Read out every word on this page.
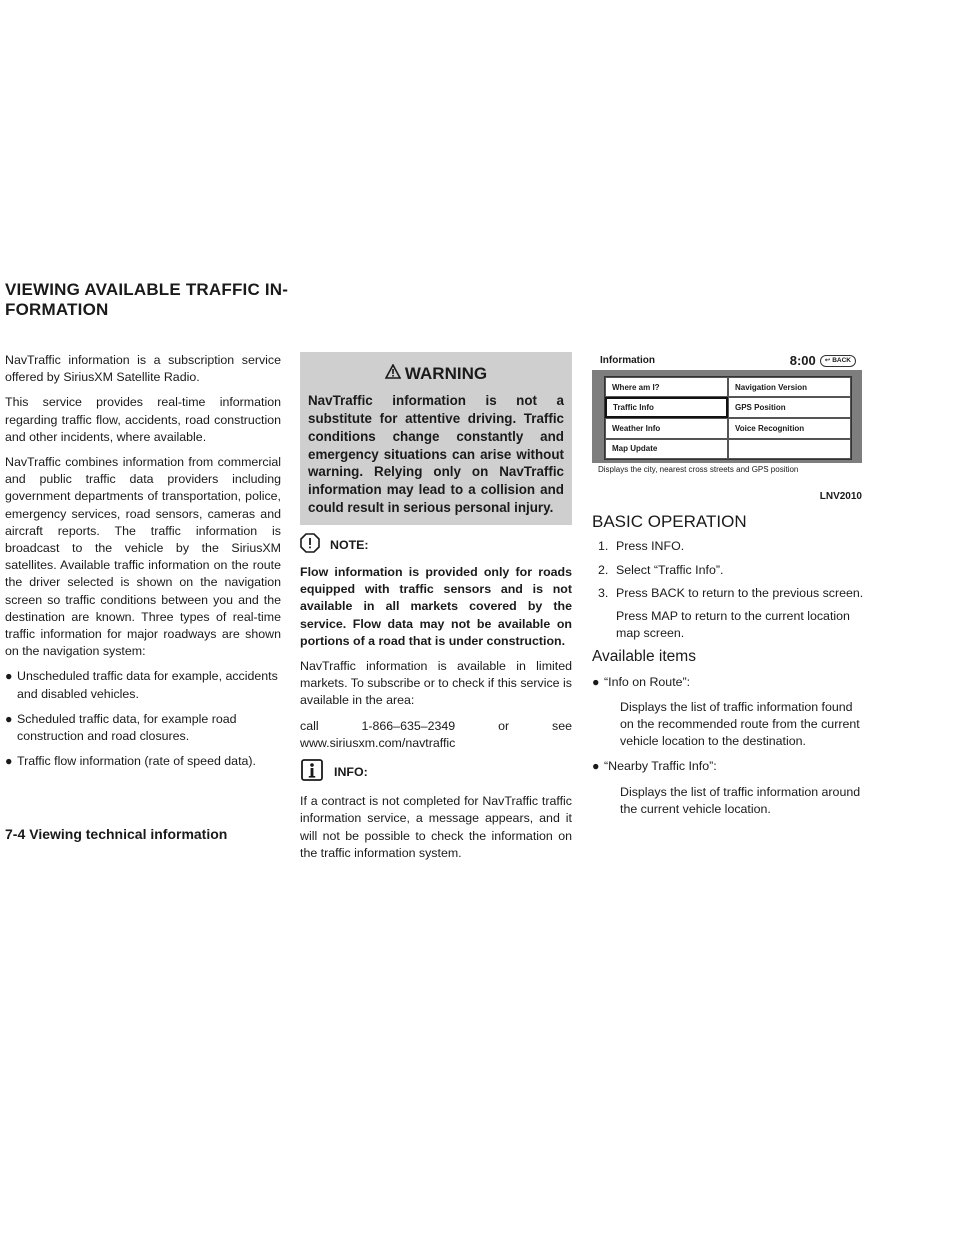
VIEWING AVAILABLE TRAFFIC IN-
FORMATION

NavTraffic information is a subscription service offered by SiriusXM Satellite Radio.

This service provides real-time information regarding traffic flow, accidents, road construction and other incidents, where available.

NavTraffic combines information from commercial and public traffic data providers including government departments of transportation, police, emergency services, road sensors, cameras and aircraft reports. The traffic information is broadcast to the vehicle by the SiriusXM satellites. Available traffic information on the route the driver selected is shown on the navigation screen so traffic conditions between you and the destination are known. Three types of real-time traffic information for major roadways are shown on the navigation system:

● Unscheduled traffic data for example, accidents and disabled vehicles.
● Scheduled traffic data, for example road construction and road closures.
● Traffic flow information (rate of speed data).
WARNING
NavTraffic information is not a substitute for attentive driving. Traffic conditions change constantly and emergency situations can arise without warning. Relying only on NavTraffic information may lead to a collision and could result in serious personal injury.
NOTE:
Flow information is provided only for roads equipped with traffic sensors and is not available in all markets covered by the service. Flow data may not be available on portions of a road that is under construction.

NavTraffic information is available in limited markets. To subscribe or to check if this service is available in the area:

call	1-866–635–2349	or	see
www.siriusxm.com/navtraffic
INFO:

If a contract is not completed for NavTraffic traffic information service, a message appears, and it will not be possible to check the information on the traffic information system.

Information	8:00 ↩ BACK
Where am I?	Navigation Version
Traffic Info	GPS Position
Weather Info	Voice Recognition
Map Update
Displays the city, nearest cross streets and GPS position
LNV2010
BASIC OPERATION
1. Press INFO.
2. Select “Traffic Info”.
3. Press BACK to return to the previous screen.
Press MAP to return to the current location map screen.
Available items
● “Info on Route”:
Displays the list of traffic information found on the recommended route from the current vehicle location to the destination.
● “Nearby Traffic Info”:
Displays the list of traffic information around the current vehicle location.
7-4 Viewing technical information
